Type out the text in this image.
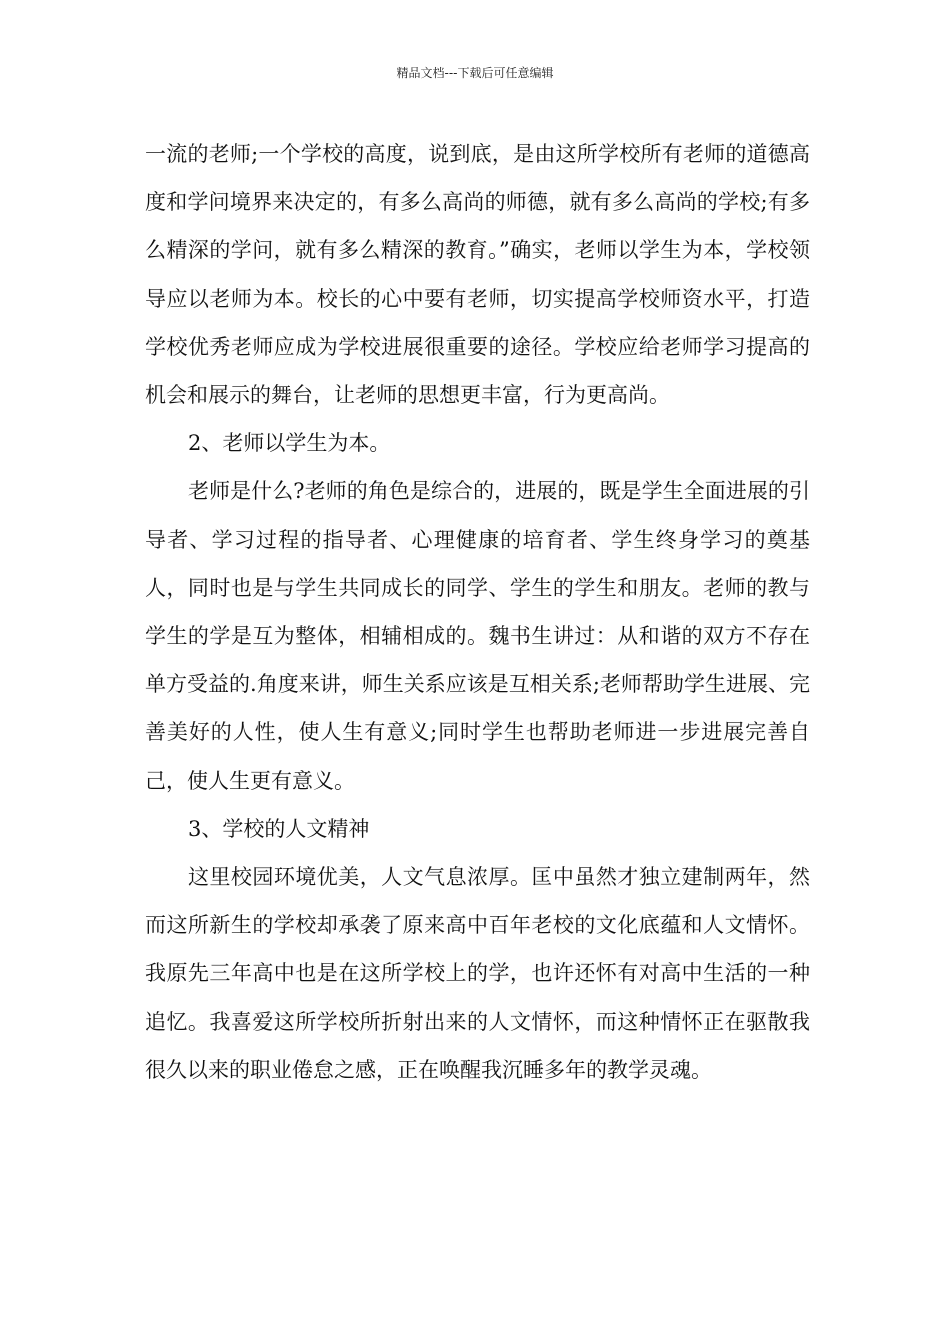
精品文档---下载后可任意编辑

一流的老师;一个学校的高度，说到底，是由这所学校所有老师的道德高度和学问境界来决定的，有多么高尚的师德，就有多么高尚的学校;有多么精深的学问，就有多么精深的教育。”确实，老师以学生为本，学校领导应以老师为本。校长的心中要有老师，切实提高学校师资水平，打造学校优秀老师应成为学校进展很重要的途径。学校应给老师学习提高的机会和展示的舞台，让老师的思想更丰富，行为更高尚。

2、老师以学生为本。

老师是什么?老师的角色是综合的，进展的，既是学生全面进展的引导者、学习过程的指导者、心理健康的培育者、学生终身学习的奠基人，同时也是与学生共同成长的同学、学生的学生和朋友。老师的教与学生的学是互为整体，相辅相成的。魏书生讲过：从和谐的双方不存在单方受益的.角度来讲，师生关系应该是互相关系;老师帮助学生进展、完善美好的人性，使人生有意义;同时学生也帮助老师进一步进展完善自己，使人生更有意义。

3、学校的人文精神

这里校园环境优美，人文气息浓厚。匡中虽然才独立建制两年，然而这所新生的学校却承袭了原来高中百年老校的文化底蕴和人文情怀。我原先三年高中也是在这所学校上的学，也许还怀有对高中生活的一种追忆。我喜爱这所学校所折射出来的人文情怀，而这种情怀正在驱散我很久以来的职业倦怠之感，正在唤醒我沉睡多年的教学灵魂。
